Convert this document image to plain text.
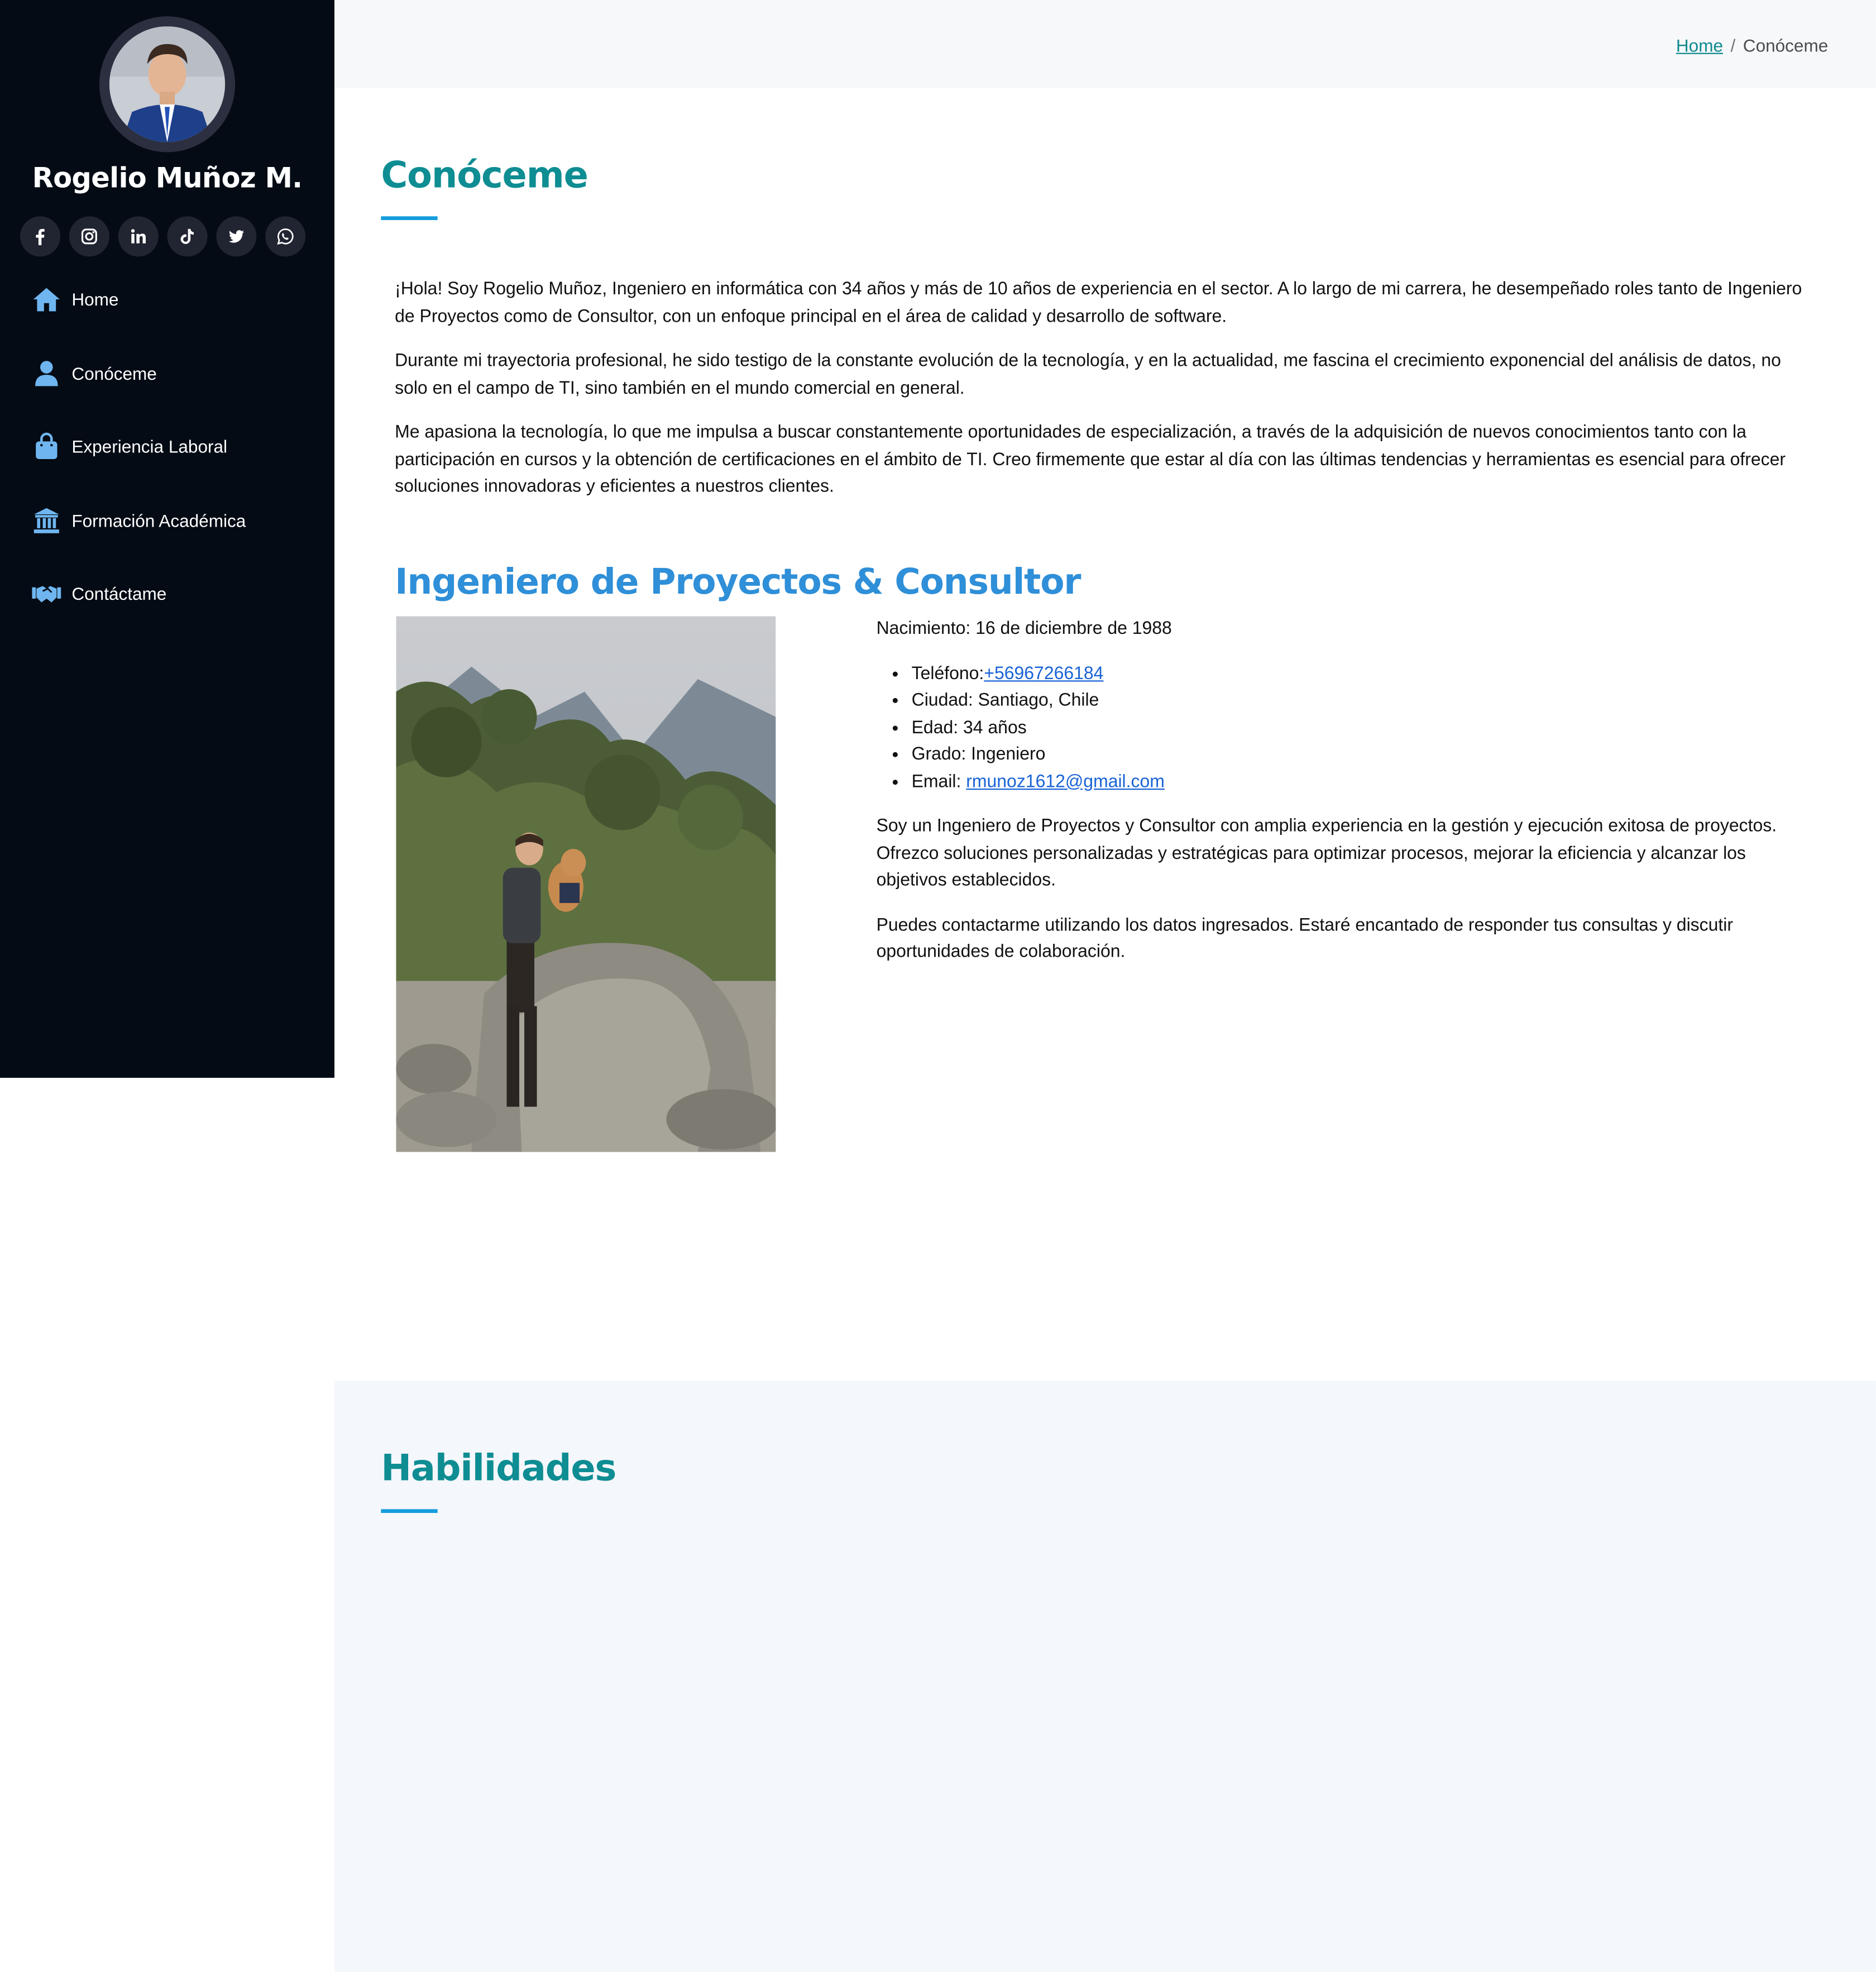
Rogelio Muñoz M.
Home
Conóceme
Experiencia Laboral
Formación Académica
Contáctame
Home / Conóceme
Conóceme

¡Hola! Soy Rogelio Muñoz, Ingeniero en informática con 34 años y más de 10 años de experiencia en el sector. A lo largo de mi carrera, he desempeñado roles tanto de Ingeniero de Proyectos como de Consultor, con un enfoque principal en el área de calidad y desarrollo de software.

Durante mi trayectoria profesional, he sido testigo de la constante evolución de la tecnología, y en la actualidad, me fascina el crecimiento exponencial del análisis de datos, no solo en el campo de TI, sino también en el mundo comercial en general.

Me apasiona la tecnología, lo que me impulsa a buscar constantemente oportunidades de especialización, a través de la adquisición de nuevos conocimientos tanto con la participación en cursos y la obtención de certificaciones en el ámbito de TI. Creo firmemente que estar al día con las últimas tendencias y herramientas es esencial para ofrecer soluciones innovadoras y eficientes a nuestros clientes.

Ingeniero de Proyectos & Consultor

Nacimiento: 16 de diciembre de 1988

• Teléfono:+56967266184
• Ciudad: Santiago, Chile
• Edad: 34 años
• Grado: Ingeniero
• Email: rmunoz1612@gmail.com

Soy un Ingeniero de Proyectos y Consultor con amplia experiencia en la gestión y ejecución exitosa de proyectos. Ofrezco soluciones personalizadas y estratégicas para optimizar procesos, mejorar la eficiencia y alcanzar los objetivos establecidos.

Puedes contactarme utilizando los datos ingresados. Estaré encantado de responder tus consultas y discutir oportunidades de colaboración.

Habilidades
